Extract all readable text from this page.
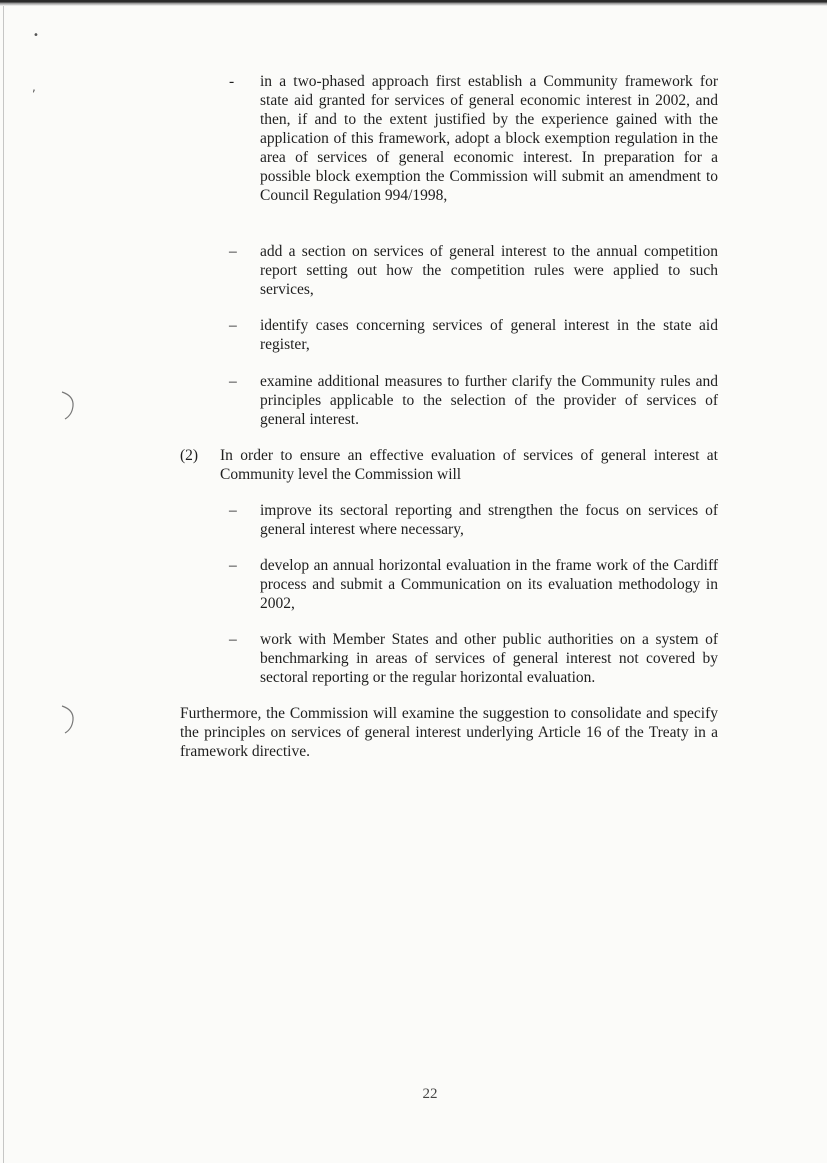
•
,	- in a two-phased approach first establish a Community framework for state aid granted for services of general economic interest in 2002, and then, if and to the extent justified by the experience gained with the application of this framework, adopt a block exemption regulation in the area of services of general economic interest. In preparation for a possible block exemption the Commission will submit an amendment to Council Regulation 994/1998,

– add a section on services of general interest to the annual competition report setting out how the competition rules were applied to such services,

– identify cases concerning services of general interest in the state aid register,

– examine additional measures to further clarify the Community rules and principles applicable to the selection of the provider of services of general interest.

(2) In order to ensure an effective evaluation of services of general interest at Community level the Commission will

– improve its sectoral reporting and strengthen the focus on services of general interest where necessary,

– develop an annual horizontal evaluation in the frame work of the Cardiff process and submit a Communication on its evaluation methodology in 2002,

– work with Member States and other public authorities on a system of benchmarking in areas of services of general interest not covered by sectoral reporting or the regular horizontal evaluation.

Furthermore, the Commission will examine the suggestion to consolidate and specify the principles on services of general interest underlying Article 16 of the Treaty in a framework directive.

22
